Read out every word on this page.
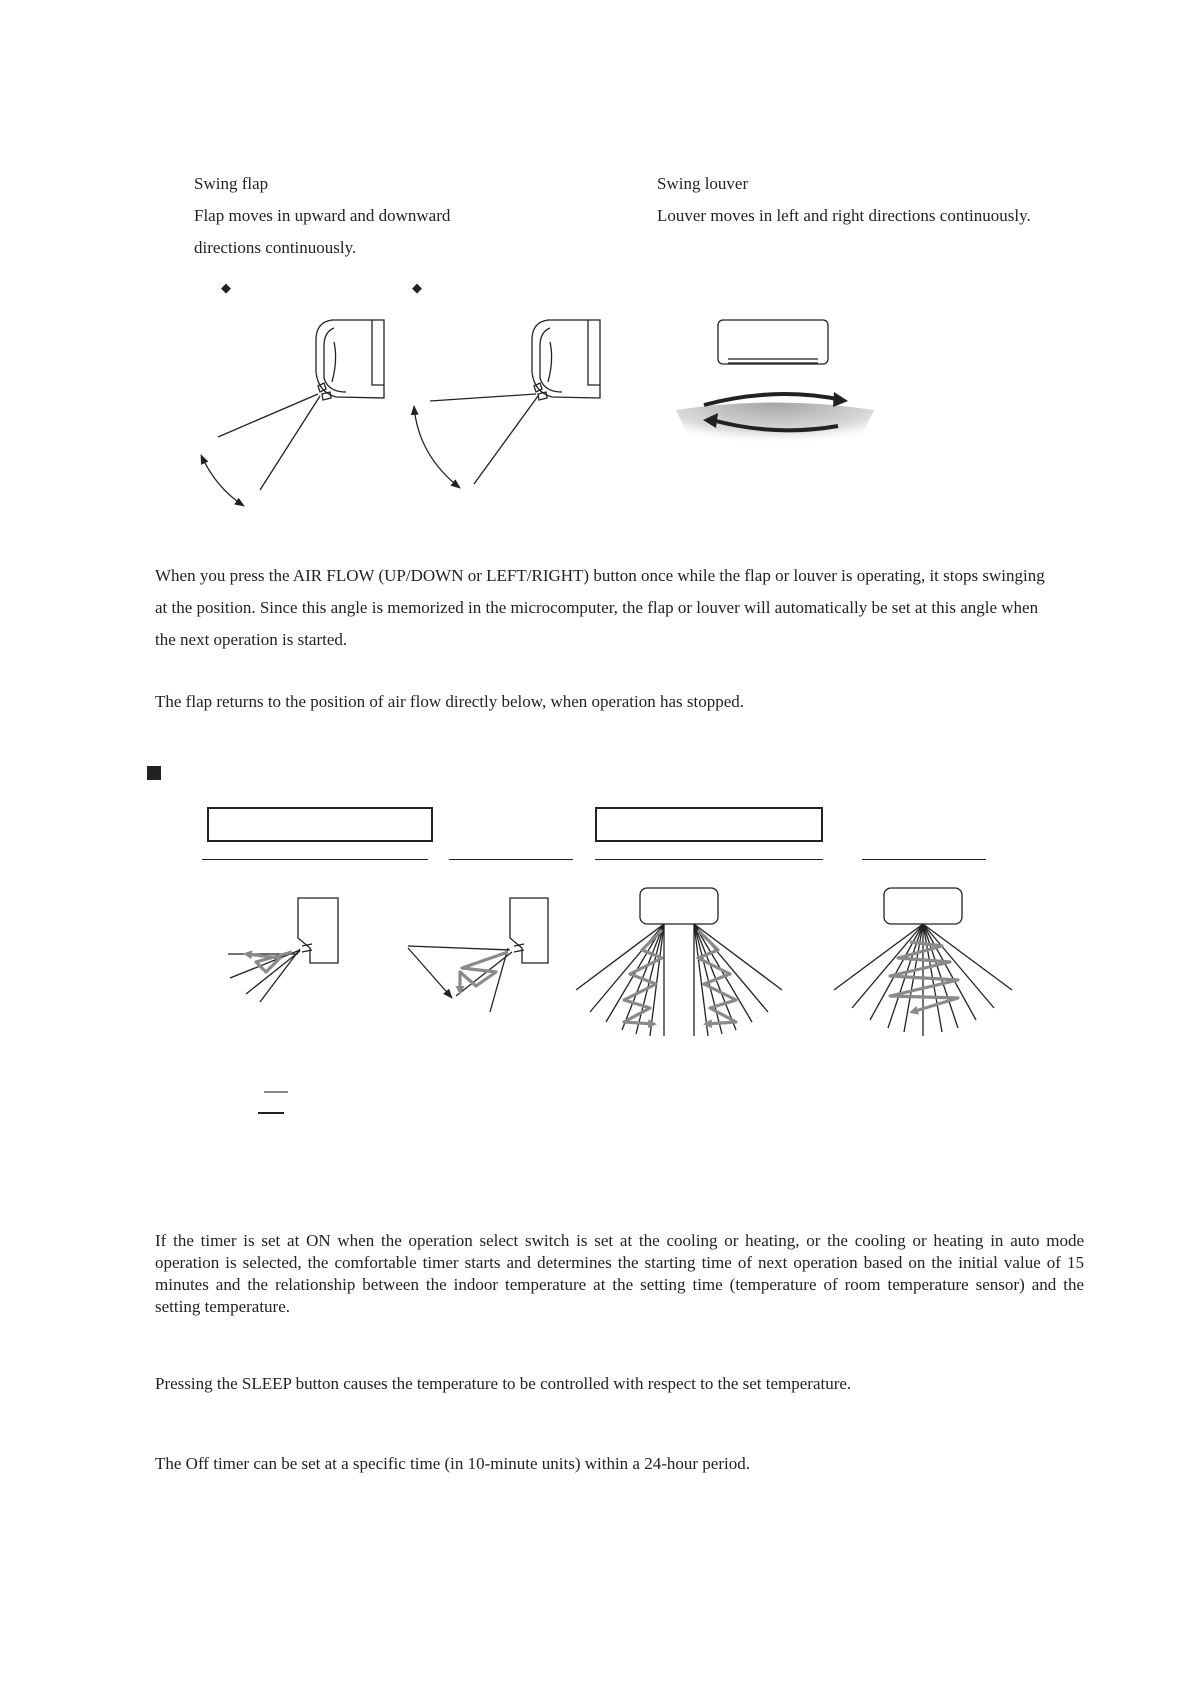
Swing flap
Flap moves in upward and downward
directions continuously.
Swing louver
Louver moves in left and right directions continuously.
◆	◆
When you press the AIR FLOW (UP/DOWN or LEFT/RIGHT) button once while the flap or louver is operating, it stops swinging
at the position. Since this angle is memorized in the microcomputer, the flap or louver will automatically be set at this angle when
the next operation is started.
The flap returns to the position of air flow directly below, when operation has stopped.
If the timer is set at ON when the operation select switch is set at the cooling or heating, or the cooling or heating in auto mode operation is selected, the comfortable timer starts and determines the starting time of next operation based on the initial value of 15 minutes and the relationship between the indoor temperature at the setting time (temperature of room temperature sensor) and the setting temperature.
Pressing the SLEEP button causes the temperature to be controlled with respect to the set temperature.
The Off timer can be set at a specific time (in 10-minute units) within a 24-hour period.
